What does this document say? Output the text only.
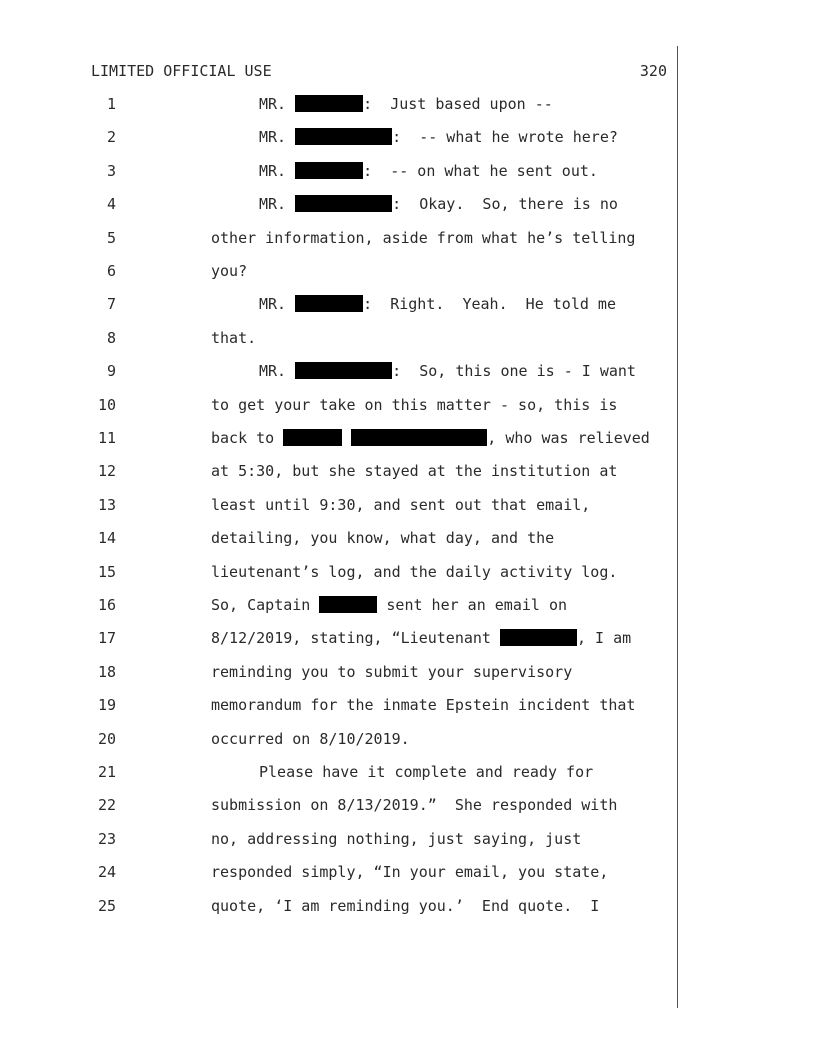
LIMITED OFFICIAL USE	320
1	MR.	:  Just based upon --
2	MR.	:  -- what he wrote here?
3	MR.	:  -- on what he sent out.
4	MR.	:  Okay.  So, there is no
5	other information, aside from what he’s telling
6	you?
7	MR.	:  Right.  Yeah.  He told me
8	that.
9	MR.	:  So, this one is - I want
10	to get your take on this matter - so, this is
11	back to	, who was relieved
12	at 5:30, but she stayed at the institution at
13	least until 9:30, and sent out that email,
14	detailing, you know, what day, and the
15	lieutenant’s log, and the daily activity log.
16	So, Captain	sent her an email on
17	8/12/2019, stating, “Lieutenant	, I am
18	reminding you to submit your supervisory
19	memorandum for the inmate Epstein incident that
20	occurred on 8/10/2019.
21	Please have it complete and ready for
22	submission on 8/13/2019.”  She responded with
23	no, addressing nothing, just saying, just
24	responded simply, “In your email, you state,
25	quote, ‘I am reminding you.’  End quote.  I
